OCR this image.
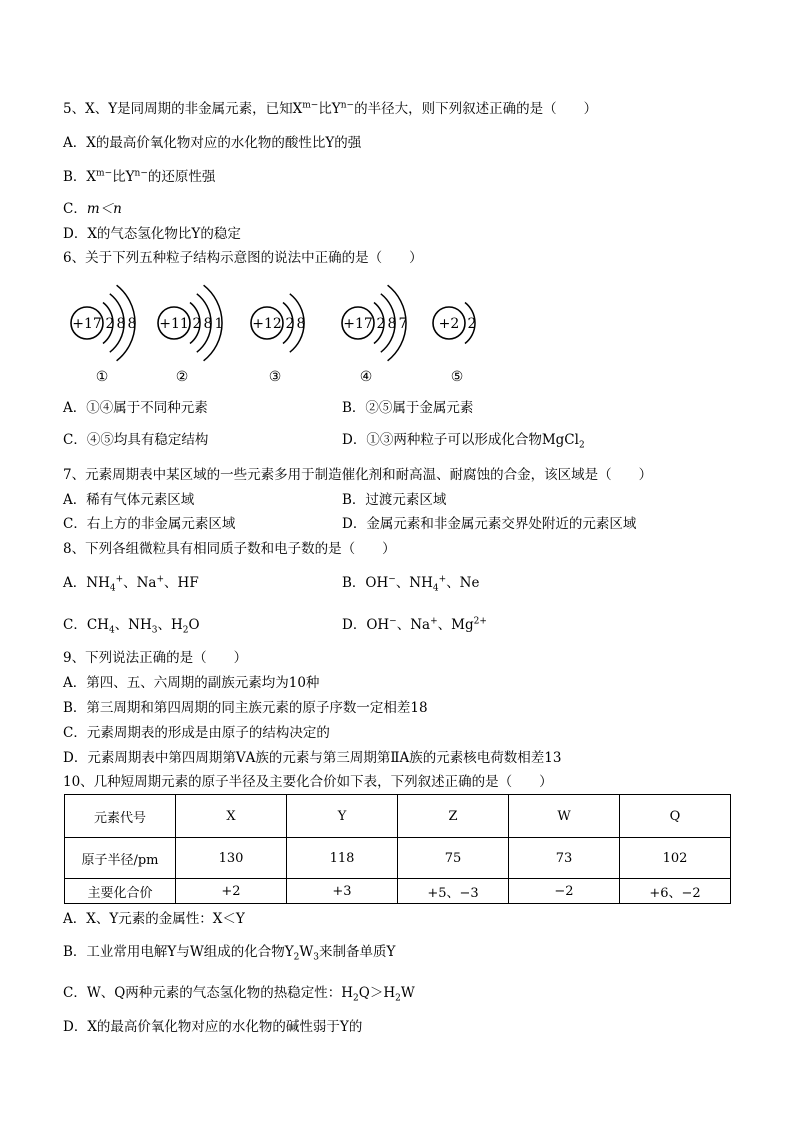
5、X、Y是同周期的非金属元素，已知$X^{m-}$比$Y^{n-}$的半径大，则下列叙述正确的是（　　）
A．X的最高价氧化物对应的水化物的酸性比Y的强
B．$X^{m-}$比$Y^{n-}$的还原性强
C．m＜n
D．X的气态氢化物比Y的稳定
6、关于下列五种粒子结构示意图的说法中正确的是（　　）
+17 2 8 8
①
+11 2 8 1
②
+12 2 8
③
+17 2 8 7
④
+2 2
⑤
A．①④属于不同种元素	B．②⑤属于金属元素
C．④⑤均具有稳定结构	D．①③两种粒子可以形成化合物MgCl$_2$
7、元素周期表中某区域的一些元素多用于制造催化剂和耐高温、耐腐蚀的合金，该区域是（　　）
A．稀有气体元素区域	B．过渡元素区域
C．右上方的非金属元素区域	D．金属元素和非金属元素交界处附近的元素区域
8、下列各组微粒具有相同质子数和电子数的是（　　）
A．$NH_4^+$、Na+、HF	B．OH−、$NH_4^+$、Ne
C．$CH_4$、$NH_3$、$H_2O$	D．OH−、Na+、$Mg^{2+}$
9、下列说法正确的是（　　）
A．第四、五、六周期的副族元素均为10种
B．第三周期和第四周期的同主族元素的原子序数一定相差18
C．元素周期表的形成是由原子的结构决定的
D．元素周期表中第四周期第ⅤA族的元素与第三周期第ⅡA族的元素核电荷数相差13
10、几种短周期元素的原子半径及主要化合价如下表，下列叙述正确的是（　　）
元素代号	X	Y	Z	W	Q
原子半径/pm	130	118	75	73	102
主要化合价	+2	+3	+5、−3	−2	+6、−2
A．X、Y元素的金属性：X＜Y
B．工业常用电解Y与W组成的化合物$Y_2W_3$来制备单质Y
C．W、Q两种元素的气态氢化物的热稳定性：$H_2Q>H_2W$
D．X的最高价氧化物对应的水化物的碱性弱于Y的
